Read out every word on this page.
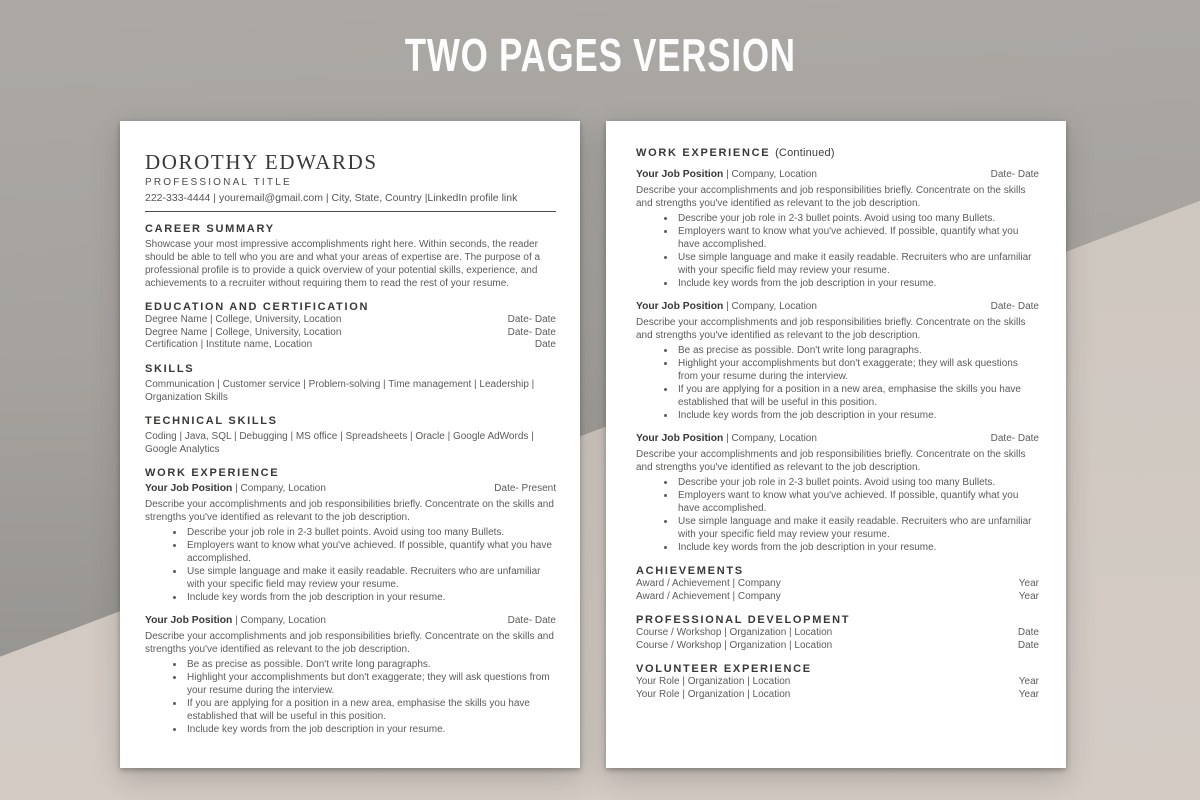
TWO PAGES VERSION
DOROTHY EDWARDS
PROFESSIONAL TITLE
222-333-4444 | youremail@gmail.com | City, State, Country |LinkedIn profile link
CAREER SUMMARY

Showcase your most impressive accomplishments right here. Within seconds, the reader should be able to tell who you are and what your areas of expertise are. The purpose of a professional profile is to provide a quick overview of your potential skills, experience, and achievements to a recruiter without requiring them to read the rest of your resume.

EDUCATION AND CERTIFICATION
Degree Name | College, University, Location	Date- Date
Degree Name | College, University, Location	Date- Date
Certification | Institute name, Location	Date
SKILLS

Communication | Customer service | Problem-solving | Time management | Leadership | Organization Skills

TECHNICAL SKILLS

Coding | Java, SQL | Debugging | MS office | Spreadsheets | Oracle | Google AdWords | Google Analytics

WORK EXPERIENCE
Your Job Position | Company, Location	Date- Present

Describe your accomplishments and job responsibilities briefly. Concentrate on the skills and strengths you've identified as relevant to the job description.

• Describe your job role in 2-3 bullet points. Avoid using too many Bullets.
• Employers want to know what you've achieved. If possible, quantify what you have accomplished.
• Use simple language and make it easily readable. Recruiters who are unfamiliar with your specific field may review your resume.
• Include key words from the job description in your resume.
Your Job Position | Company, Location	Date- Date

Describe your accomplishments and job responsibilities briefly. Concentrate on the skills and strengths you've identified as relevant to the job description.

• Be as precise as possible. Don't write long paragraphs.
• Highlight your accomplishments but don't exaggerate; they will ask questions from your resume during the interview.
• If you are applying for a position in a new area, emphasise the skills you have established that will be useful in this position.
• Include key words from the job description in your resume.
WORK EXPERIENCE (Continued)
Your Job Position | Company, Location	Date- Date

Describe your accomplishments and job responsibilities briefly. Concentrate on the skills and strengths you've identified as relevant to the job description.

• Describe your job role in 2-3 bullet points. Avoid using too many Bullets.
• Employers want to know what you've achieved. If possible, quantify what you have accomplished.
• Use simple language and make it easily readable. Recruiters who are unfamiliar with your specific field may review your resume.
• Include key words from the job description in your resume.
Your Job Position | Company, Location	Date- Date

Describe your accomplishments and job responsibilities briefly. Concentrate on the skills and strengths you've identified as relevant to the job description.

• Be as precise as possible. Don't write long paragraphs.
• Highlight your accomplishments but don't exaggerate; they will ask questions from your resume during the interview.
• If you are applying for a position in a new area, emphasise the skills you have established that will be useful in this position.
• Include key words from the job description in your resume.
Your Job Position | Company, Location	Date- Date

Describe your accomplishments and job responsibilities briefly. Concentrate on the skills and strengths you've identified as relevant to the job description.

• Describe your job role in 2-3 bullet points. Avoid using too many Bullets.
• Employers want to know what you've achieved. If possible, quantify what you have accomplished.
• Use simple language and make it easily readable. Recruiters who are unfamiliar with your specific field may review your resume.
• Include key words from the job description in your resume.
ACHIEVEMENTS
Award / Achievement | Company	Year
Award / Achievement | Company	Year
PROFESSIONAL DEVELOPMENT
Course / Workshop | Organization | Location	Date
Course / Workshop | Organization | Location	Date
VOLUNTEER EXPERIENCE
Your Role | Organization | Location	Year
Your Role | Organization | Location	Year
